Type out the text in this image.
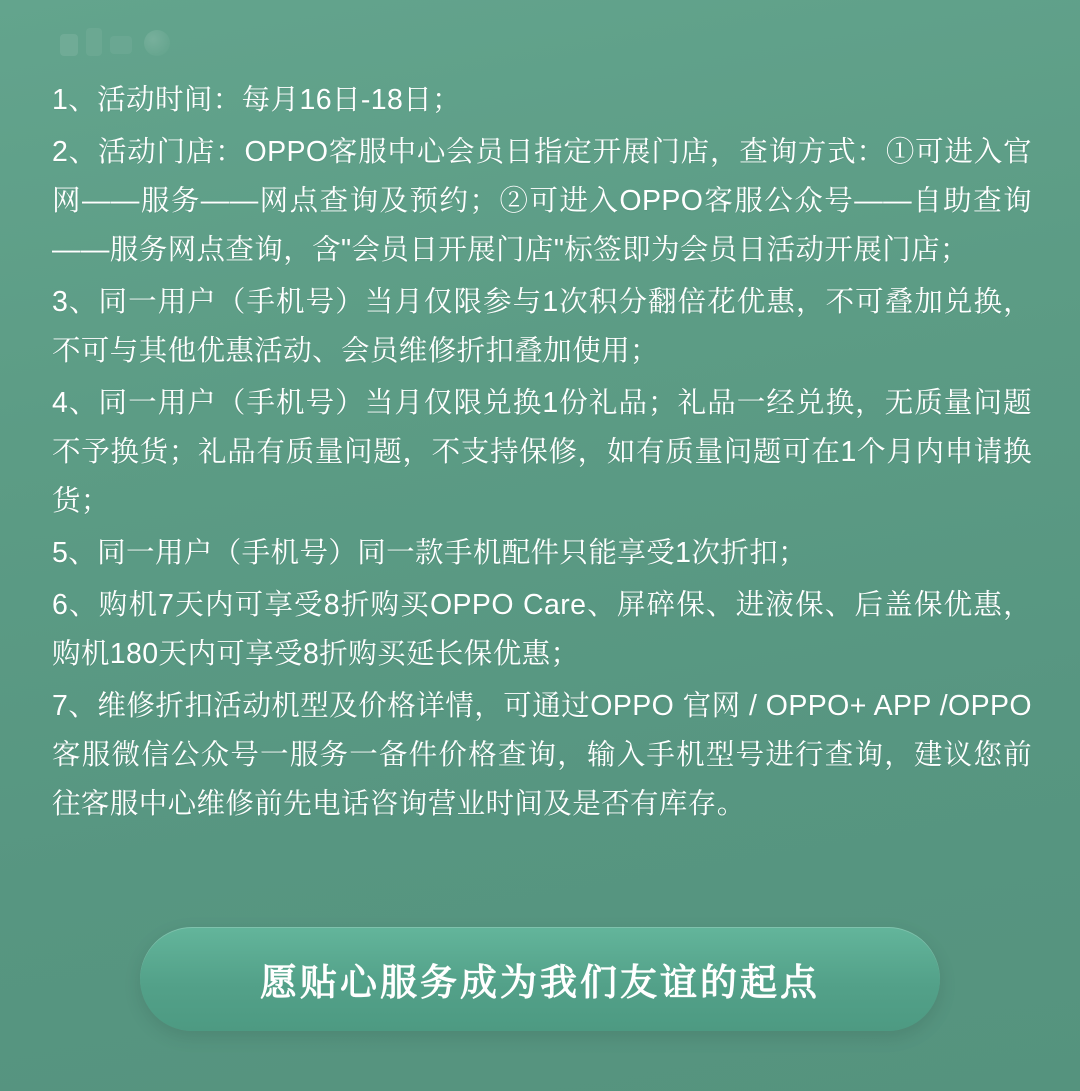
1、活动时间：每月16日-18日；

2、活动门店：OPPO客服中心会员日指定开展门店，查询方式：①可进入官网——服务——网点查询及预约；②可进入OPPO客服公众号——自助查询——服务网点查询，含"会员日开展门店"标签即为会员日活动开展门店；

3、同一用户（手机号）当月仅限参与1次积分翻倍花优惠，不可叠加兑换，不可与其他优惠活动、会员维修折扣叠加使用；

4、同一用户（手机号）当月仅限兑换1份礼品；礼品一经兑换，无质量问题不予换货；礼品有质量问题，不支持保修，如有质量问题可在1个月内申请换货；

5、同一用户（手机号）同一款手机配件只能享受1次折扣；

6、购机7天内可享受8折购买OPPO Care、屏碎保、进液保、后盖保优惠，购机180天内可享受8折购买延长保优惠；

7、维修折扣活动机型及价格详情，可通过OPPO 官网 / OPPO+ APP /OPPO 客服微信公众号一服务一备件价格查询，输入手机型号进行查询，建议您前往客服中心维修前先电话咨询营业时间及是否有库存。

愿贴心服务成为我们友谊的起点
